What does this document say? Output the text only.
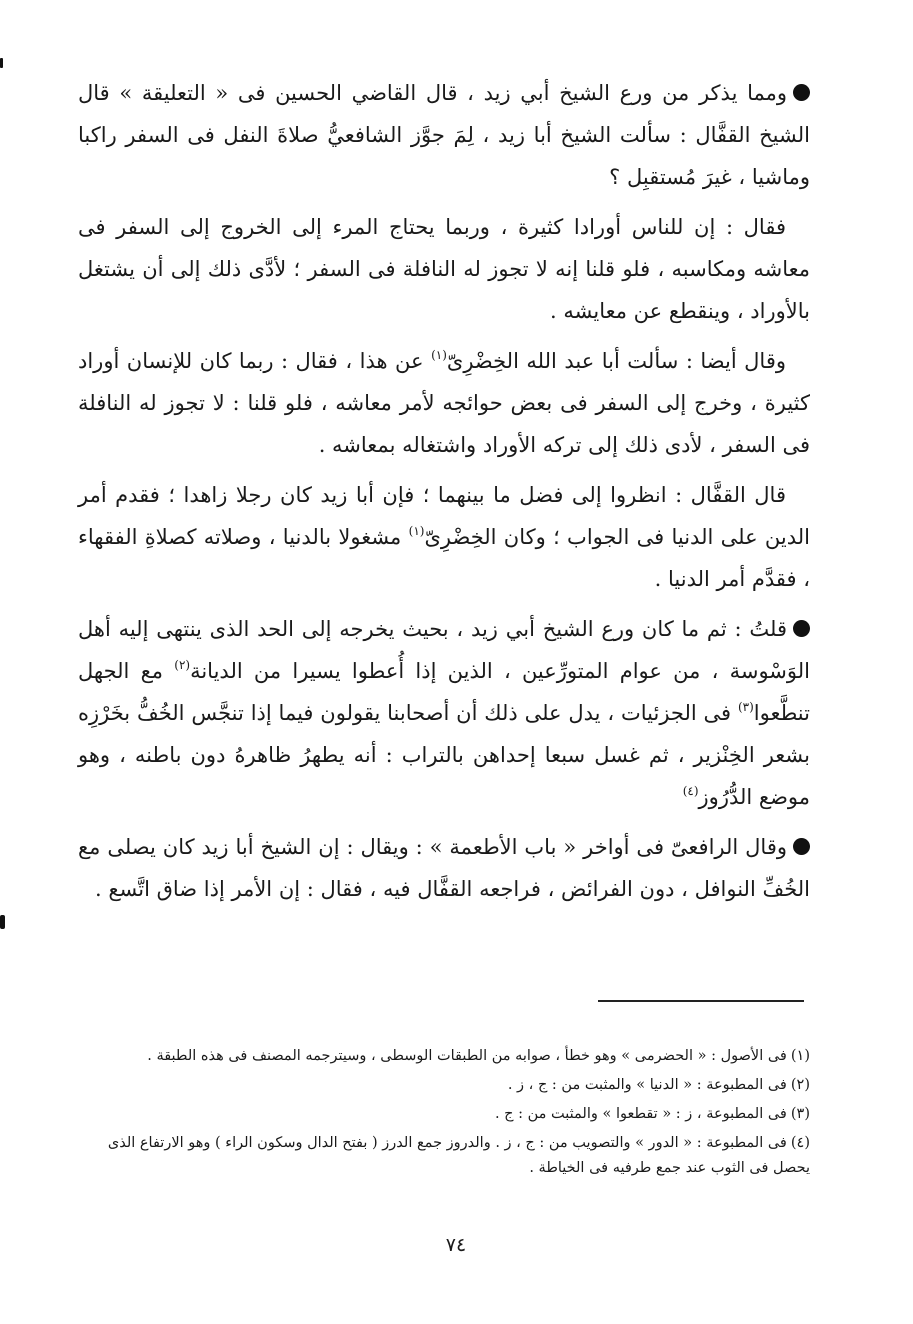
ومما يذكر من ورع الشيخ أبي زيد ، قال القاضي الحسين فى « التعليقة » قال الشيخ القفَّال : سألت الشيخ أبا زيد ، لِمَ جوَّز الشافعيُّ صلاةَ النفل فى السفر راكبا وماشيا ، غيرَ مُستقبِل ؟

فقال : إن للناس أورادا كثيرة ، وربما يحتاج المرء إلى الخروج إلى السفر فى معاشه ومكاسبه ، فلو قلنا إنه لا تجوز له النافلة فى السفر ؛ لأدَّى ذلك إلى أن يشتغل بالأوراد ، وينقطع عن معايشه .

وقال أيضا : سألت أبا عبد الله الخِضْرِىّ$^{(١)}$ عن هذا ، فقال : ربما كان للإنسان أوراد كثيرة ، وخرج إلى السفر فى بعض حوائجه لأمر معاشه ، فلو قلنا : لا تجوز له النافلة فى السفر ، لأدى ذلك إلى تركه الأوراد واشتغاله بمعاشه .

قال القفَّال : انظروا إلى فضل ما بينهما ؛ فإن أبا زيد كان رجلا زاهدا ؛ فقدم أمر الدين على الدنيا فى الجواب ؛ وكان الخِضْرِىّ$^{(١)}$ مشغولا بالدنيا ، وصلاته كصلاةِ الفقهاء ، فقدَّم أمر الدنيا .

قلتُ : ثم ما كان ورع الشيخ أبي زيد ، بحيث يخرجه إلى الحد الذى ينتهى إليه أهل الوَسْوسة ، من عوام المتورِّعين ، الذين إذا أُعطوا يسيرا من الديانة$^{(٢)}$ مع الجهل تنطَّعوا$^{(٣)}$ فى الجزئيات ، يدل على ذلك أن أصحابنا يقولون فيما إذا تنجَّس الخُفُّ بخَرْزِه بشعر الخِنْزير ، ثم غسل سبعا إحداهن بالتراب : أنه يطهرُ ظاهرهُ دون باطنه ، وهو موضع الدُّرُوز$^{(٤)}$

وقال الرافعىّ فى أواخر « باب الأطعمة » : ويقال : إن الشيخ أبا زيد كان يصلى مع الخُفِّ النوافل ، دون الفرائض ، فراجعه القفَّال فيه ، فقال : إن الأمر إذا ضاق اتَّسع .

(١)فى الأصول : « الحضرمى » وهو خطأ ، صوابه من الطبقات الوسطى ، وسيترجمه المصنف فى هذه الطبقة .

(٢)فى المطبوعة : « الدنيا » والمثبت من : ج ، ز .

(٣)فى المطبوعة ، ز : « تقطعوا » والمثبت من : ج .

(٤)فى المطبوعة : « الدور » والتصويب من : ج ، ز . والدروز جمع الدرز ( بفتح الدال وسكون الراء ) وهو الارتفاع الذى يحصل فى الثوب عند جمع طرفيه فى الخياطة .

٧٤
